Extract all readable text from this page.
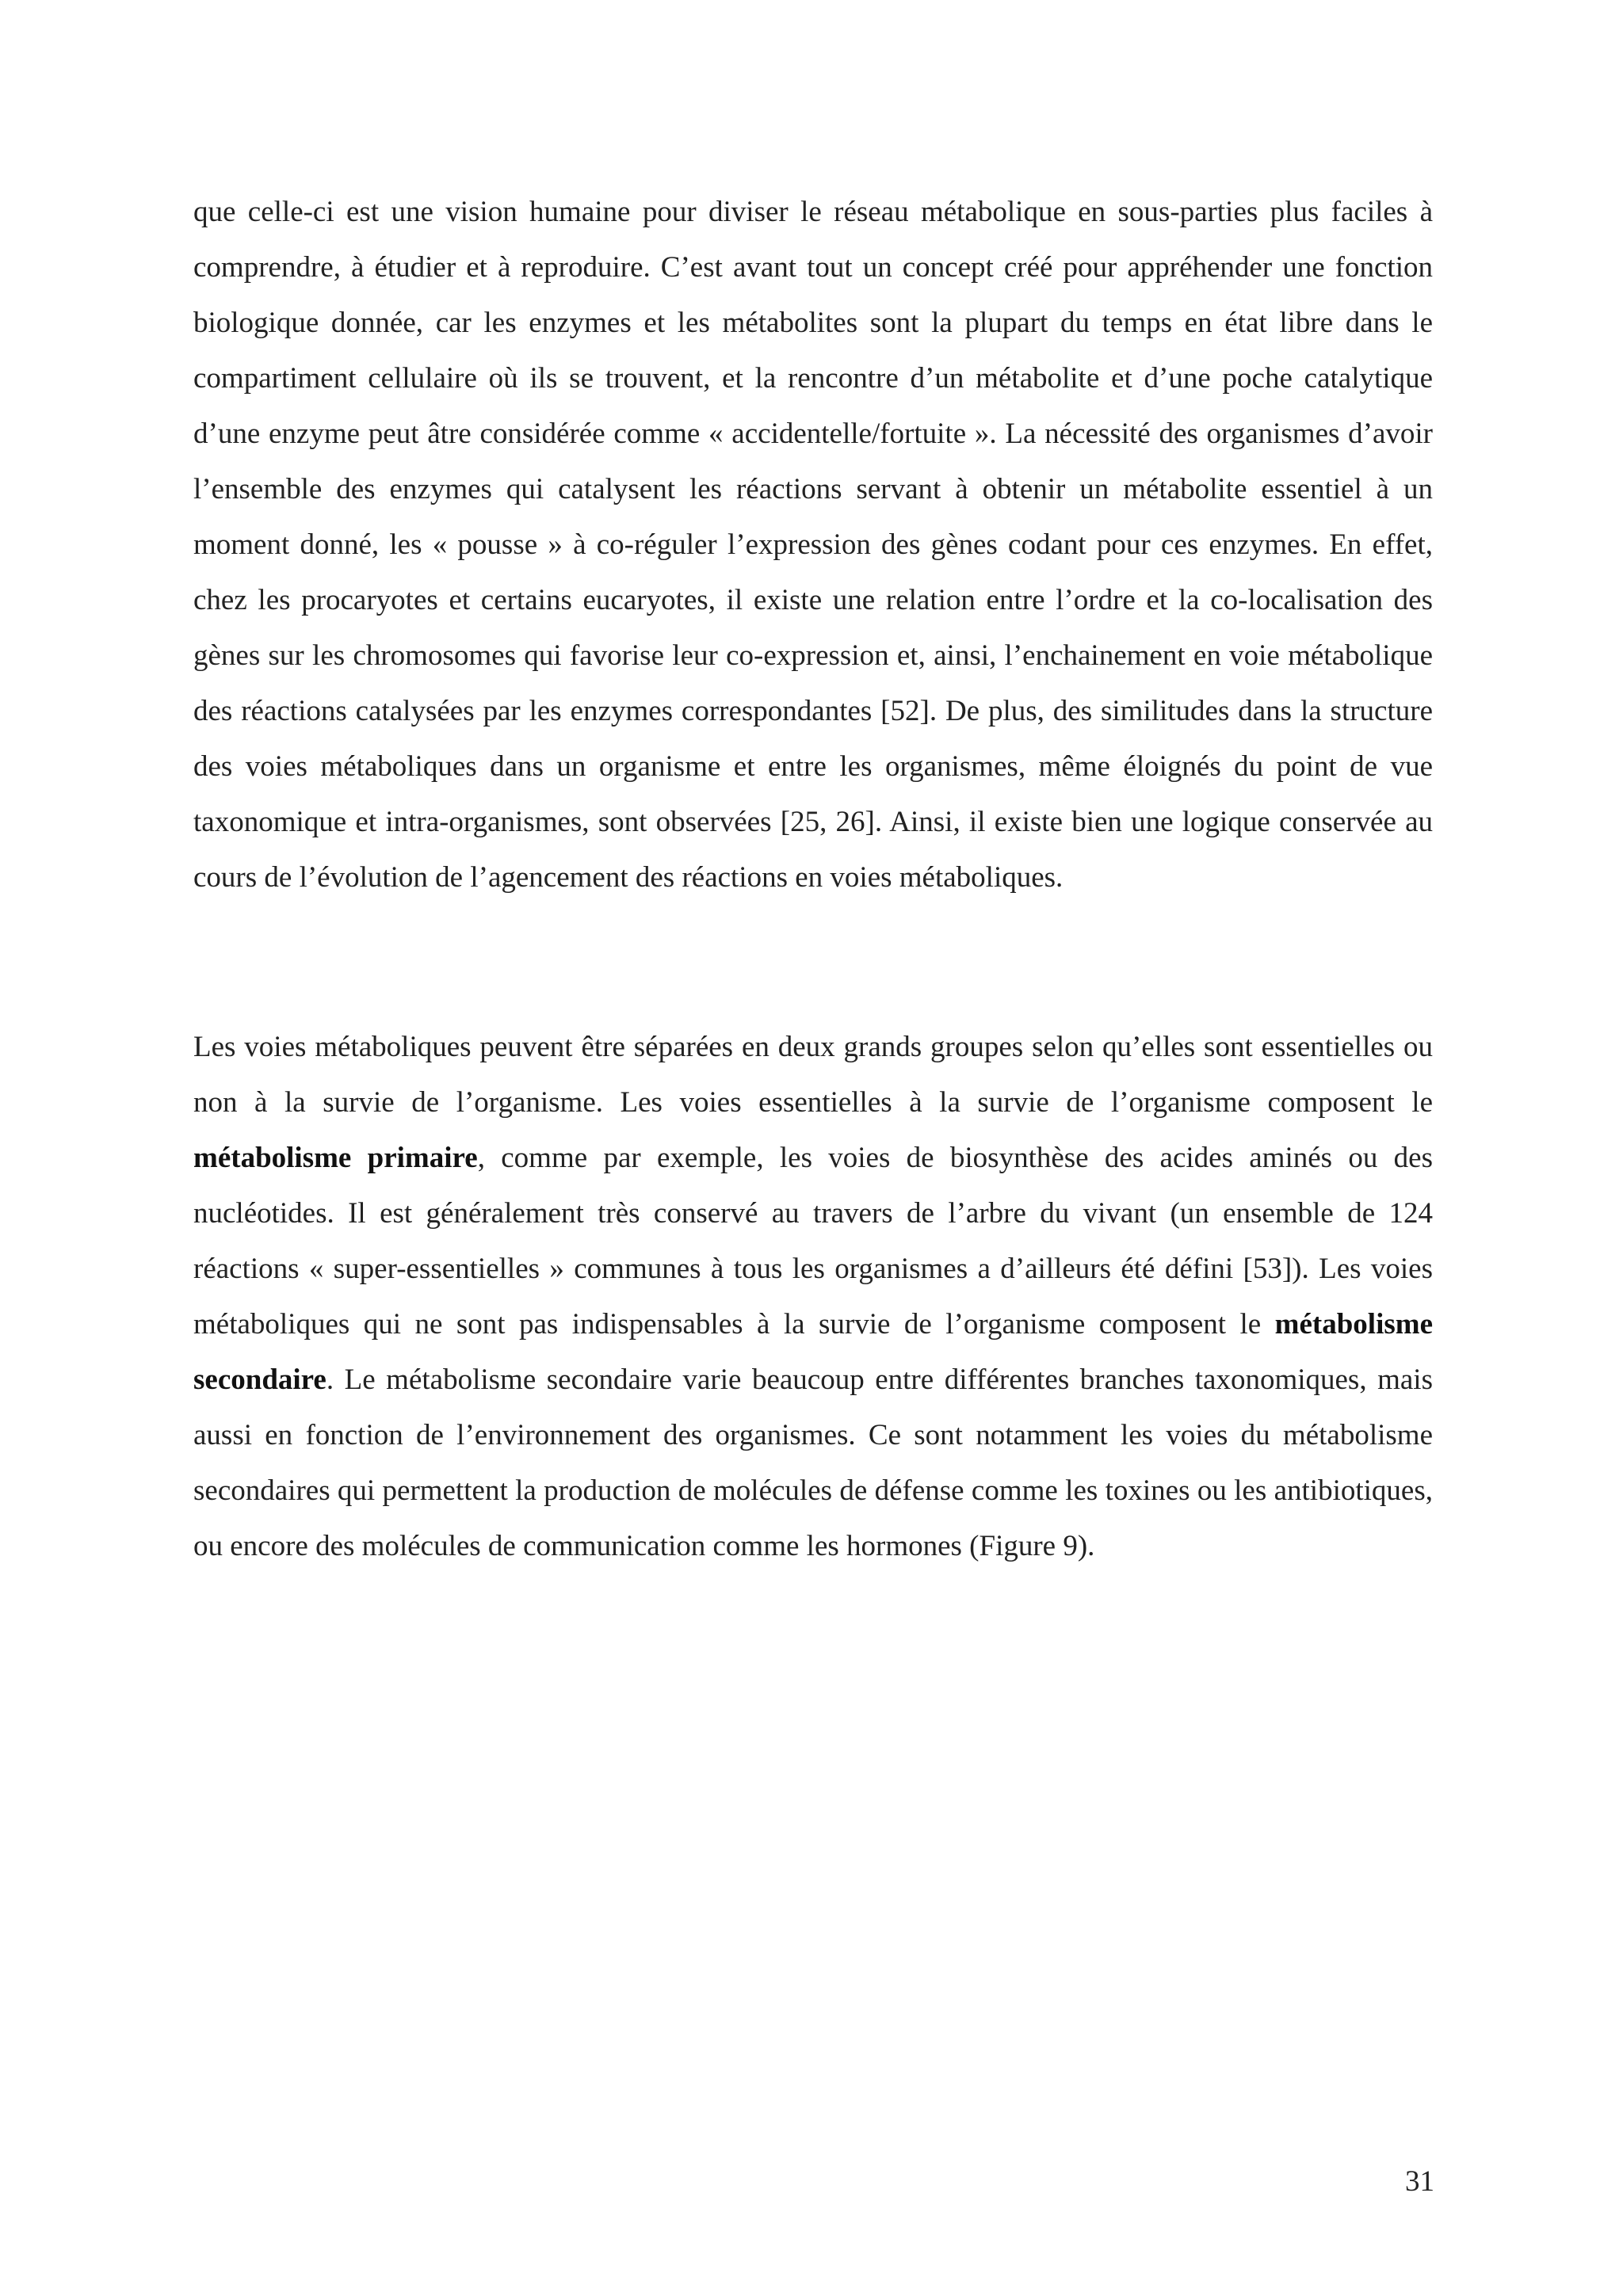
que celle-ci est une vision humaine pour diviser le réseau métabolique en sous-parties plus faciles à comprendre, à étudier et à reproduire. C’est avant tout un concept créé pour appréhender une fonction biologique donnée, car les enzymes et les métabolites sont la plupart du temps en état libre dans le compartiment cellulaire où ils se trouvent, et la rencontre d’un métabolite et d’une poche catalytique d’une enzyme peut âtre considérée comme « accidentelle/fortuite ». La nécessité des organismes d’avoir l’ensemble des enzymes qui catalysent les réactions servant à obtenir un métabolite essentiel à un moment donné, les « pousse » à co-réguler l’expression des gènes codant pour ces enzymes. En effet, chez les procaryotes et certains eucaryotes, il existe une relation entre l’ordre et la co-localisation des gènes sur les chromosomes qui favorise leur co-expression et, ainsi, l’enchainement en voie métabolique des réactions catalysées par les enzymes correspondantes [52]. De plus, des similitudes dans la structure des voies métaboliques dans un organisme et entre les organismes, même éloignés du point de vue taxonomique et intra-organismes, sont observées [25, 26]. Ainsi, il existe bien une logique conservée au cours de l’évolution de l’agencement des réactions en voies métaboliques.

Les voies métaboliques peuvent être séparées en deux grands groupes selon qu’elles sont essentielles ou non à la survie de l’organisme. Les voies essentielles à la survie de l’organisme composent le métabolisme primaire, comme par exemple, les voies de biosynthèse des acides aminés ou des nucléotides. Il est généralement très conservé au travers de l’arbre du vivant (un ensemble de 124 réactions « super-essentielles » communes à tous les organismes a d’ailleurs été défini [53]). Les voies métaboliques qui ne sont pas indispensables à la survie de l’organisme composent le métabolisme secondaire. Le métabolisme secondaire varie beaucoup entre différentes branches taxonomiques, mais aussi en fonction de l’environnement des organismes. Ce sont notamment les voies du métabolisme secondaires qui permettent la production de molécules de défense comme les toxines ou les antibiotiques, ou encore des molécules de communication comme les hormones (Figure 9).

31
